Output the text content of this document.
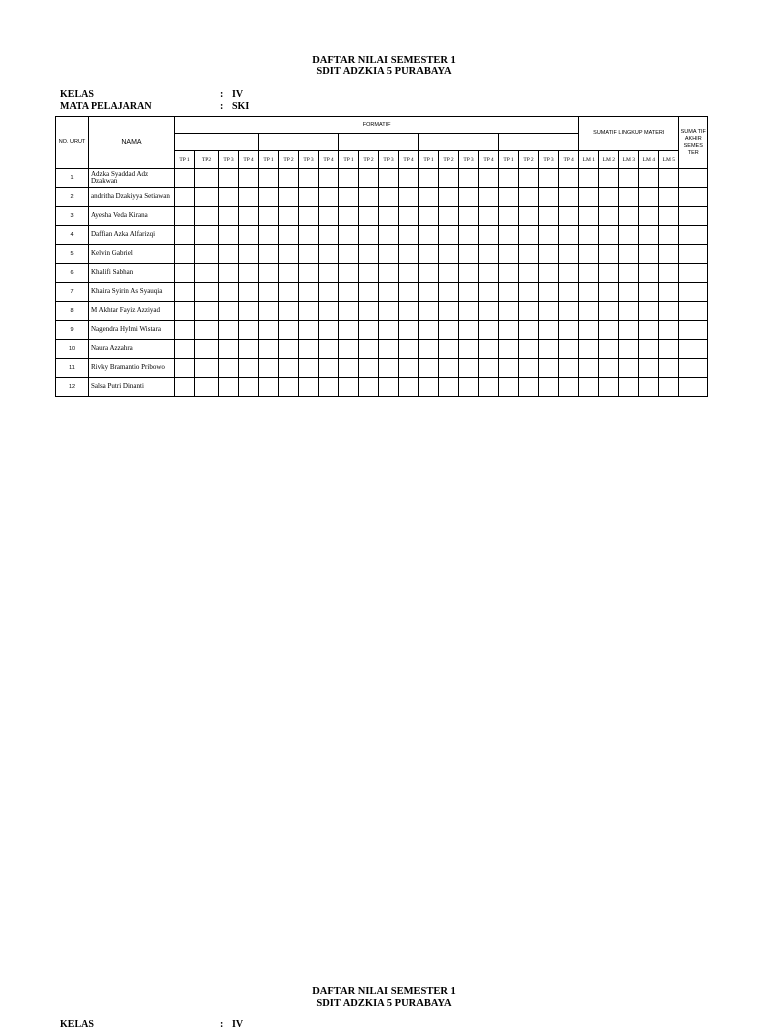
DAFTAR NILAI SEMESTER 1
SDIT ADZKIA 5 PURABAYA
KELAS	: IV
MATA PELAJARAN	: SKI
NO. URUT	NAMA	FORMATIF																				SUMATIF LINGKUP MATERI					SUMA TIF AKHIR SEMES TER

		TP 1	TP2	TP 3	TP 4	TP 1	TP 2	TP 3	TP 4	TP 1	TP 2	TP 3	TP 4	TP 1	TP 2	TP 3	TP 4	TP 1	TP 2	TP 3	TP 4	LM 1	LM 2	LM 3	LM 4	LM 5	
1	Adzka Syaddad Adz Dzakwan																										
2	andritha Dzakiyya Setiawan																										
3	Ayesha Veda Kirana																										
4	Daffian Azka Alfarizqi																										
5	Kelvin Gabriel																										
6	Khalifi Sabhan																										
7	Khaira Syirin As Syauqia																										
8	M Akhtar Fayiz Azziyad																										
9	Nagendra Hylmi Wistara																										
10	Naura Azzahra																										
11	Rivky Bramantio Pribowo																										
12	Salsa Putri Dinanti																										
DAFTAR NILAI SEMESTER 1
SDIT ADZKIA 5 PURABAYA
KELAS	: IV
